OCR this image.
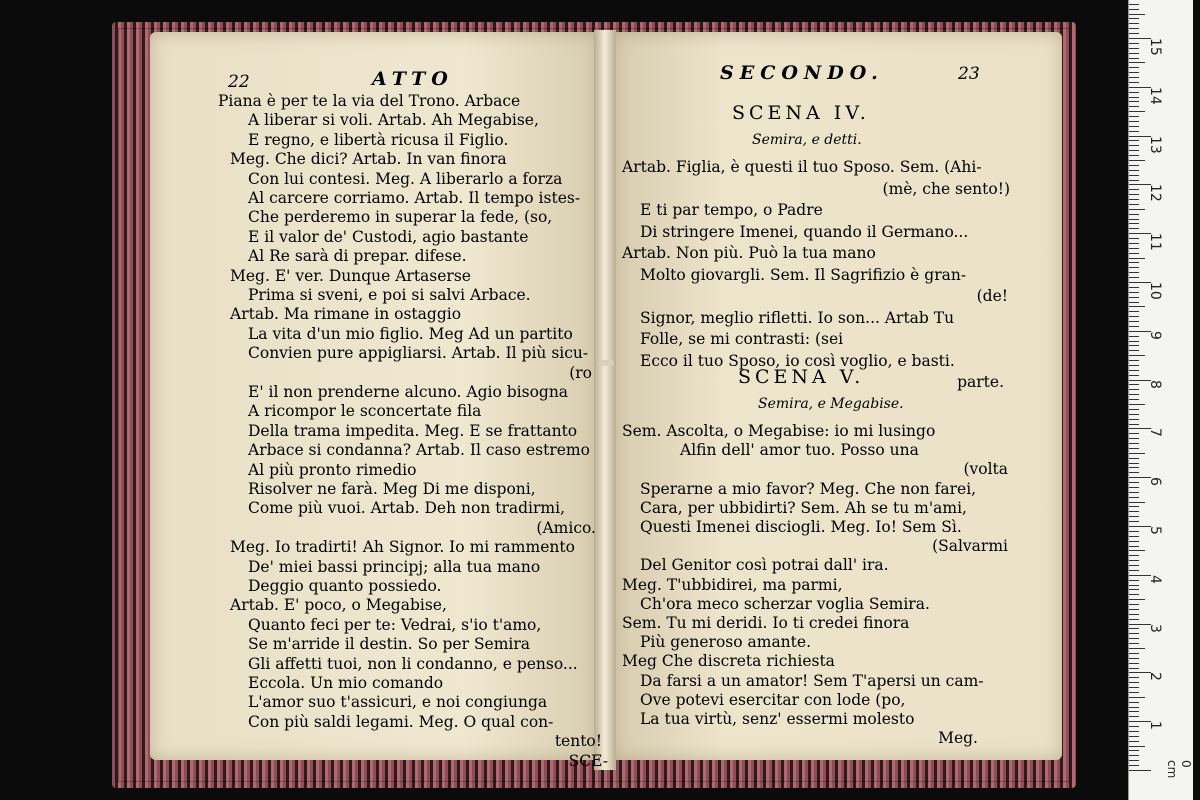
15
14
13
12
11
10
9
8
7
6
5
4
3
2
1
0 cm
22	ATTO	SECONDO.	23
SCENA IV.
Semira, e detti.
SCENA V.
Semira, e Megabise.
Piana è per te la via del Trono. Arbace
A liberar si voli. Artab. Ah Megabise,
E regno, e libertà ricusa il Figlio.
Meg. Che dici? Artab. In van finora
Con lui contesi. Meg. A liberarlo a forza
Al carcere corriamo. Artab. Il tempo istes-
Che perderemo in superar la fede, (so,
E il valor de' Custodi, agio bastante
Al Re sarà di prepar. difese.
Meg. E' ver. Dunque Artaserse
Prima si sveni, e poi si salvi Arbace.
Artab. Ma rimane in ostaggio
La vita d'un mio figlio. Meg Ad un partito
Convien pure appigliarsi. Artab. Il più sicu-
(ro
E' il non prenderne alcuno. Agio bisogna
A ricompor le sconcertate fila
Della trama impedita. Meg. E se frattanto
Arbace si condanna? Artab. Il caso estremo
Al più pronto rimedio
Risolver ne farà. Meg Di me disponi,
Come più vuoi. Artab. Deh non tradirmi,
(Amico.
Meg. Io tradirti! Ah Signor. Io mi rammento
De' miei bassi principj; alla tua mano
Deggio quanto possiedo.
Artab. E' poco, o Megabise,
Quanto feci per te: Vedrai, s'io t'amo,
Se m'arride il destin. So per Semira
Gli affetti tuoi, non li condanno, e penso...
Eccola. Un mio comando
L'amor suo t'assicuri, e noi congiunga
Con più saldi legami. Meg. O qual con-
tento!
SCE-
Artab. Figlia, è questi il tuo Sposo. Sem. (Ahi-
(mè, che sento!)
E ti par tempo, o Padre
Di stringere Imenei, quando il Germano...
Artab. Non più. Può la tua mano
Molto giovargli. Sem. Il Sagrifizio è gran-
(de!
Signor, meglio rifletti. Io son... Artab Tu
Folle, se mi contrasti: (sei
Ecco il tuo Sposo, io così voglio, e basti.
parte.
Sem. Ascolta, o Megabise: io mi lusingo
Alfin dell' amor tuo. Posso una
(volta
Sperarne a mio favor? Meg. Che non farei,
Cara, per ubbidirti? Sem. Ah se tu m'ami,
Questi Imenei disciogli. Meg. Io! Sem Sì.
(Salvarmi
Del Genitor così potrai dall' ira.
Meg. T'ubbidirei, ma parmi,
Ch'ora meco scherzar voglia Semira.
Sem. Tu mi deridi. Io ti credei finora
Più generoso amante.
Meg Che discreta richiesta
Da farsi a un amator! Sem T'apersi un cam-
Ove potevi esercitar con lode (po,
La tua virtù, senz' essermi molesto
Meg.
